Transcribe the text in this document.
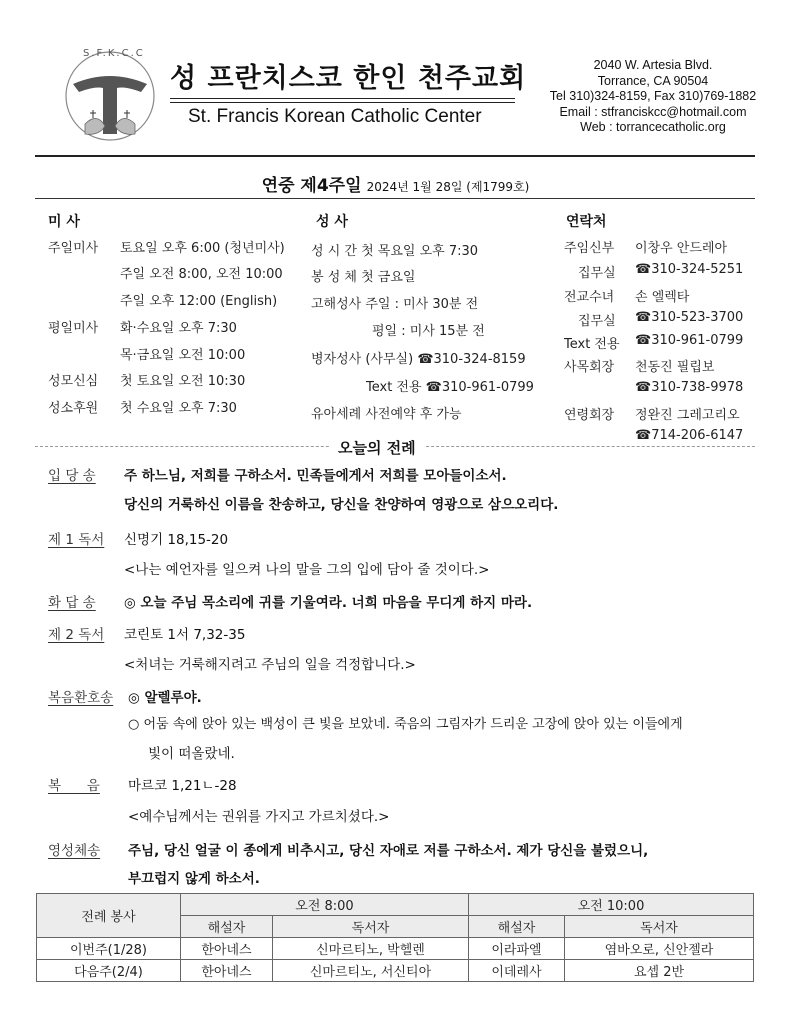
S.F.K.C.C
성 프란치스코 한인 천주교회
St. Francis Korean Catholic Center
2040 W. Artesia Blvd.
Torrance, CA 90504
Tel 310)324-8159, Fax 310)769-1882
Email : stfranciskcc@hotmail.com
Web : torrancecatholic.org
연중 제4주일 2024년 1월 28일 (제1799호)
미 사
주일미사 토요일 오후 6:00 (청년미사)
주일 오전 8:00, 오전 10:00
주일 오후 12:00 (English)
평일미사 화·수요일 오후 7:30
목·금요일 오전 10:00
성모신심 첫 토요일 오전 10:30
성소후원 첫 수요일 오후 7:30
성 사
성 시 간 첫 목요일 오후 7:30
봉 성 체 첫 금요일
고해성사 주일 : 미사 30분 전
평일 : 미사 15분 전
병자성사 (사무실) ☎310-324-8159
Text 전용 ☎310-961-0799
유아세례 사전예약 후 가능
연락처
주임신부 이창우 안드레아
집무실 ☎310-324-5251
전교수녀 손 엘렉타
집무실 ☎310-523-3700
Text 전용 ☎310-961-0799
사목회장 천동진 필립보
☎310-738-9978
연령회장 정완진 그레고리오
☎714-206-6147
오늘의 전례
입 당 송 주 하느님, 저희를 구하소서. 민족들에게서 저희를 모아들이소서.
당신의 거룩하신 이름을 찬송하고, 당신을 찬양하여 영광으로 삼으오리다.
제 1 독서 신명기 18,15-20
<나는 예언자를 일으켜 나의 말을 그의 입에 담아 줄 것이다.>
화 답 송 ◎ 오늘 주님 목소리에 귀를 기울여라. 너희 마음을 무디게 하지 마라.
제 2 독서 코린토 1서 7,32-35
<처녀는 거룩해지려고 주님의 일을 걱정합니다.>
복음환호송 ◎ 알렐루야.
○ 어둠 속에 앉아 있는 백성이 큰 빛을 보았네. 죽음의 그림자가 드리운 고장에 앉아 있는 이들에게
빛이 떠올랐네.
복      음 마르코 1,21ㄴ-28
<예수님께서는 권위를 가지고 가르치셨다.>
영성체송 주님, 당신 얼굴 이 종에게 비추시고, 당신 자애로 저를 구하소서. 제가 당신을 불렀으니,
부끄럽지 않게 하소서.
전례 봉사	오전 8:00		오전 10:00	
	해설자	독서자	해설자	독서자
이번주(1/28)	한아네스	신마르티노, 박헬렌	이라파엘	염바오로, 신안젤라
다음주(2/4)	한아네스	신마르티노, 서신티아	이데레사	요셉 2반
